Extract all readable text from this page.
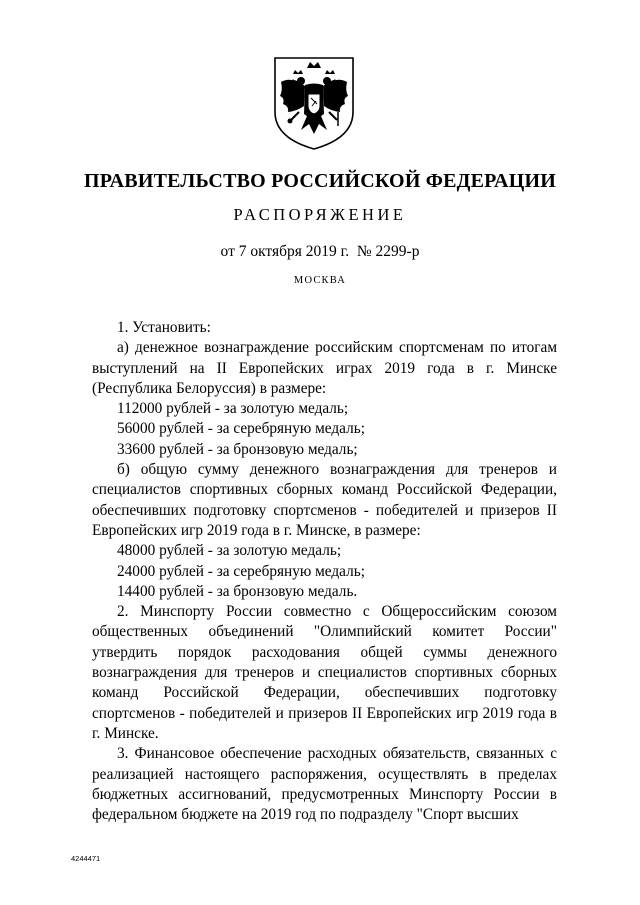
ПРАВИТЕЛЬСТВО РОССИЙСКОЙ ФЕДЕРАЦИИ
РАСПОРЯЖЕНИЕ
от 7 октября 2019 г.  № 2299-р
МОСКВА

1. Установить:

а) денежное вознаграждение российским спортсменам по итогам выступлений на II Европейских играх 2019 года в г. Минске (Республика Белоруссия) в размере:

112000 рублей - за золотую медаль;

56000 рублей - за серебряную медаль;

33600 рублей - за бронзовую медаль;

б) общую сумму денежного вознаграждения для тренеров и специалистов спортивных сборных команд Российской Федерации, обеспечивших подготовку спортсменов - победителей и призеров II Европейских игр 2019 года в г. Минске, в размере:

48000 рублей - за золотую медаль;

24000 рублей - за серебряную медаль;

14400 рублей - за бронзовую медаль.

2. Минспорту России совместно с Общероссийским союзом общественных объединений "Олимпийский комитет России" утвердить порядок расходования общей суммы денежного вознаграждения для тренеров и специалистов спортивных сборных команд Российской Федерации, обеспечивших подготовку спортсменов - победителей и призеров II Европейских игр 2019 года в г. Минске.

3. Финансовое обеспечение расходных обязательств, связанных с реализацией настоящего распоряжения, осуществлять в пределах бюджетных ассигнований, предусмотренных Минспорту России в федеральном бюджете на 2019 год по подразделу "Спорт высших

4244471
